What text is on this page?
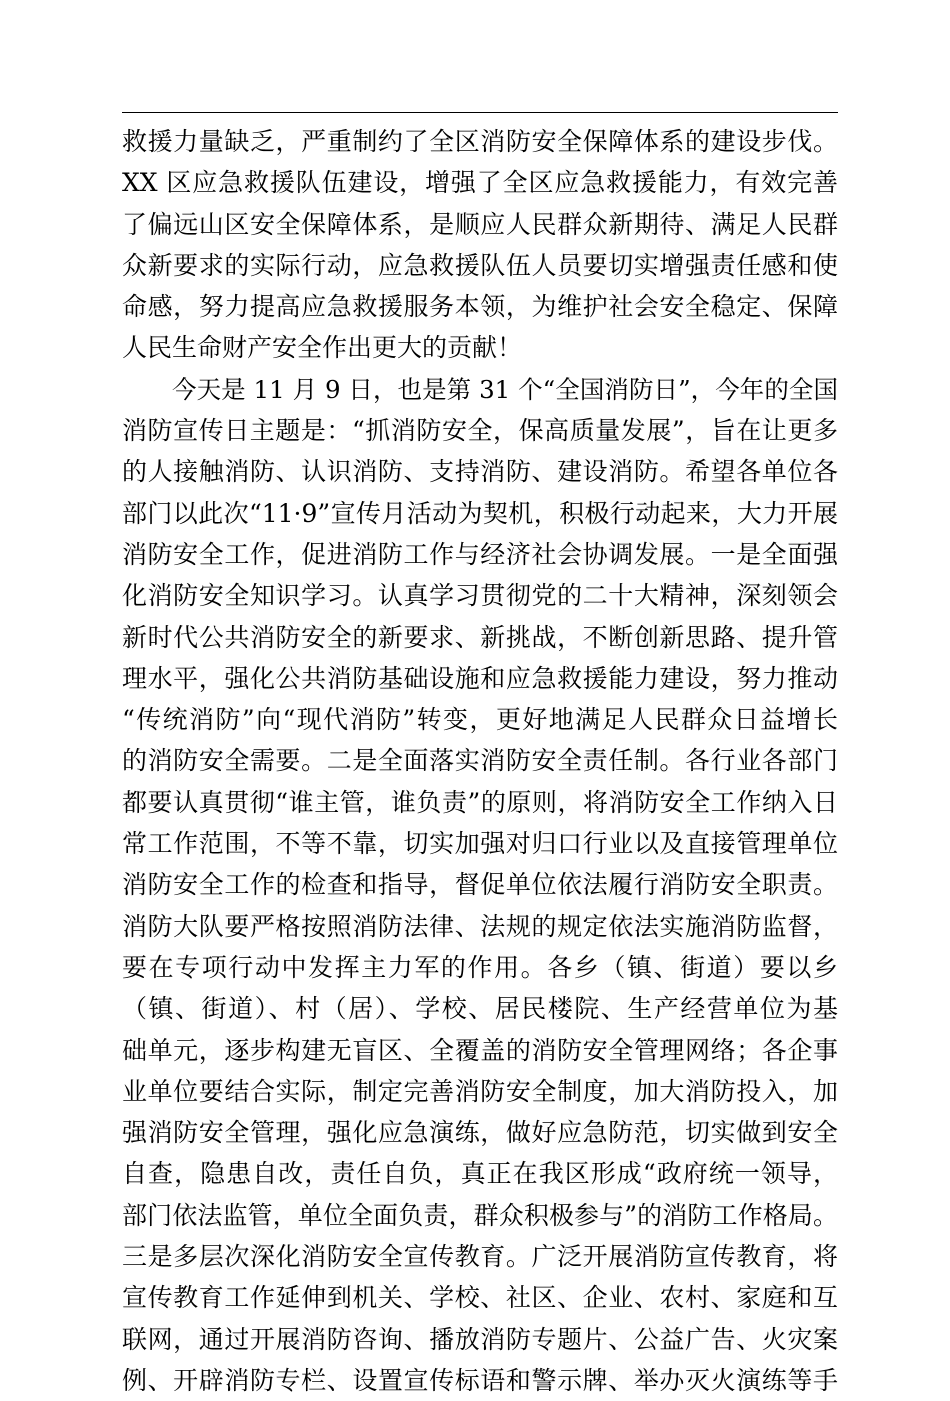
救援力量缺乏，严重制约了全区消防安全保障体系的建设步伐。
XX 区应急救援队伍建设，增强了全区应急救援能力，有效完善
了偏远山区安全保障体系，是顺应人民群众新期待、满足人民群
众新要求的实际行动，应急救援队伍人员要切实增强责任感和使
命感，努力提高应急救援服务本领，为维护社会安全稳定、保障
人民生命财产安全作出更大的贡献！
今天是 11 月 9 日，也是第 31 个“全国消防日”，今年的全国
消防宣传日主题是：“抓消防安全，保高质量发展”，旨在让更多
的人接触消防、认识消防、支持消防、建设消防。希望各单位各
部门以此次“11·9”宣传月活动为契机，积极行动起来，大力开展
消防安全工作，促进消防工作与经济社会协调发展。一是全面强
化消防安全知识学习。认真学习贯彻党的二十大精神，深刻领会
新时代公共消防安全的新要求、新挑战，不断创新思路、提升管
理水平，强化公共消防基础设施和应急救援能力建设，努力推动
“传统消防”向“现代消防”转变，更好地满足人民群众日益增长
的消防安全需要。二是全面落实消防安全责任制。各行业各部门
都要认真贯彻“谁主管，谁负责”的原则，将消防安全工作纳入日
常工作范围，不等不靠，切实加强对归口行业以及直接管理单位
消防安全工作的检查和指导，督促单位依法履行消防安全职责。
消防大队要严格按照消防法律、法规的规定依法实施消防监督，
要在专项行动中发挥主力军的作用。各乡（镇、街道）要以乡
（镇、街道）、村（居）、学校、居民楼院、生产经营单位为基
础单元，逐步构建无盲区、全覆盖的消防安全管理网络；各企事
业单位要结合实际，制定完善消防安全制度，加大消防投入，加
强消防安全管理，强化应急演练，做好应急防范，切实做到安全
自查，隐患自改，责任自负，真正在我区形成“政府统一领导，
部门依法监管，单位全面负责，群众积极参与”的消防工作格局。
三是多层次深化消防安全宣传教育。广泛开展消防宣传教育，将
宣传教育工作延伸到机关、学校、社区、企业、农村、家庭和互
联网，通过开展消防咨询、播放消防专题片、公益广告、火灾案
例、开辟消防专栏、设置宣传标语和警示牌、举办灭火演练等手
